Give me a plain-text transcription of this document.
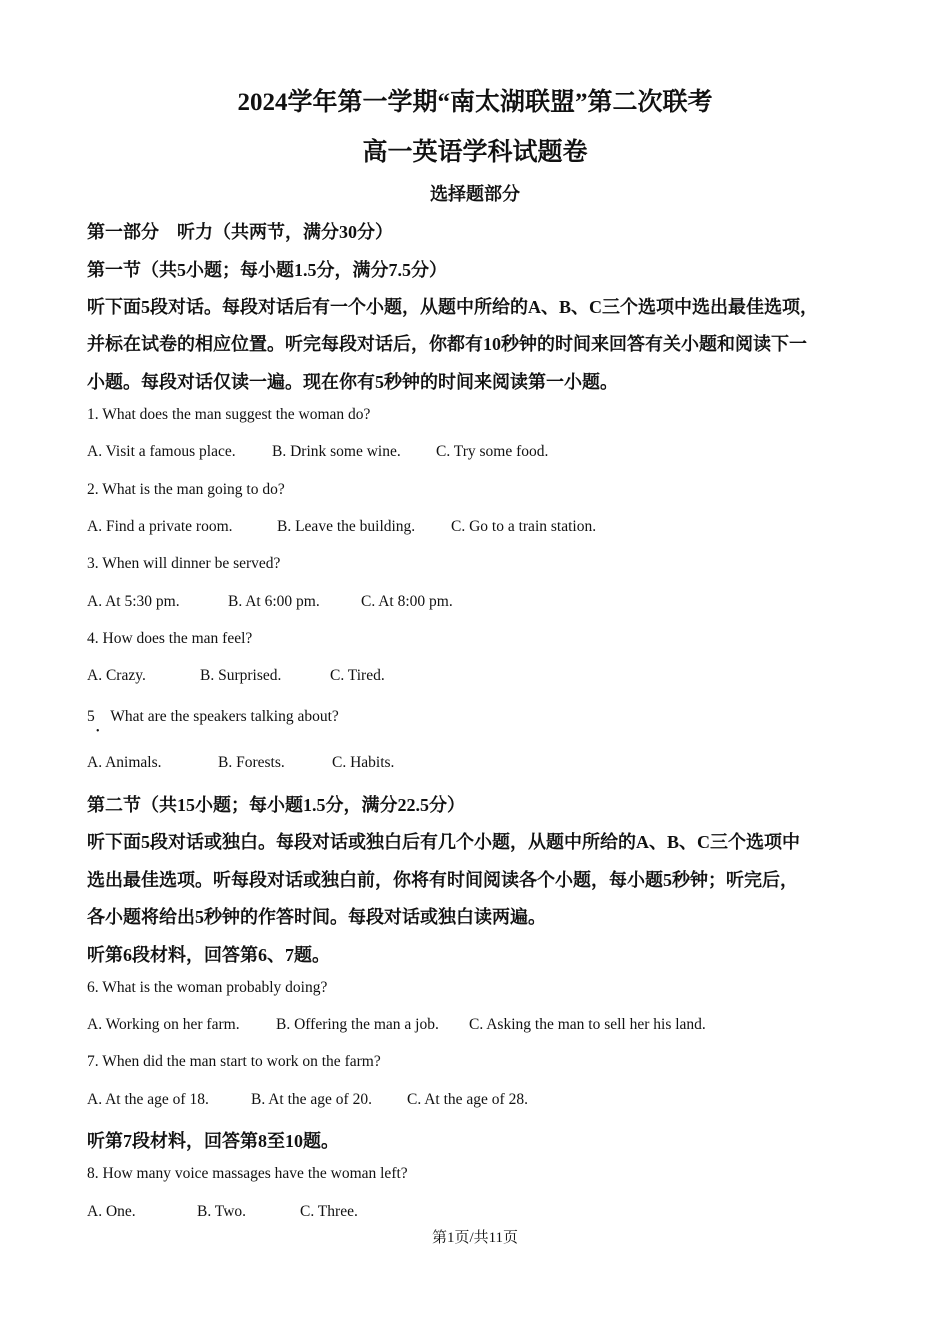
2024学年第一学期“南太湖联盟”第二次联考
高一英语学科试题卷
选择题部分
第一部分　听力（共两节，满分30分）
第一节（共5小题；每小题1.5分，满分7.5分）
听下面5段对话。每段对话后有一个小题，从题中所给的A、B、C三个选项中选出最佳选项，
并标在试卷的相应位置。听完每段对话后，你都有10秒钟的时间来回答有关小题和阅读下一
小题。每段对话仅读一遍。现在你有5秒钟的时间来阅读第一小题。
1. What does the man suggest the woman do?
A. Visit a famous place. B. Drink some wine. C. Try some food.
2. What is the man going to do?
A. Find a private room.	B. Leave the building. C. Go to a train station.
3. When will dinner be served?
A. At 5:30 pm.	B. At 6:00 pm.	C. At 8:00 pm.
4. How does the man feel?
A. Crazy.	B. Surprised.	C. Tired.
5　What are the speakers talking about?
•
A. Animals.	B. Forests.	C. Habits.
第二节（共15小题；每小题1.5分，满分22.5分）
听下面5段对话或独白。每段对话或独白后有几个小题，从题中所给的A、B、C三个选项中
选出最佳选项。听每段对话或独白前，你将有时间阅读各个小题，每小题5秒钟；听完后，
各小题将给出5秒钟的作答时间。每段对话或独白读两遍。
听第6段材料，回答第6、7题。
6. What is the woman probably doing?
A. Working on her farm. B. Offering the man a job. C. Asking the man to sell her his land.
7. When did the man start to work on the farm?
A. At the age of 18.	B. At the age of 20. C. At the age of 28.
听第7段材料，回答第8至10题。
8. How many voice massages have the woman left?
A. One.	B. Two.	C. Three.
第1页/共11页
